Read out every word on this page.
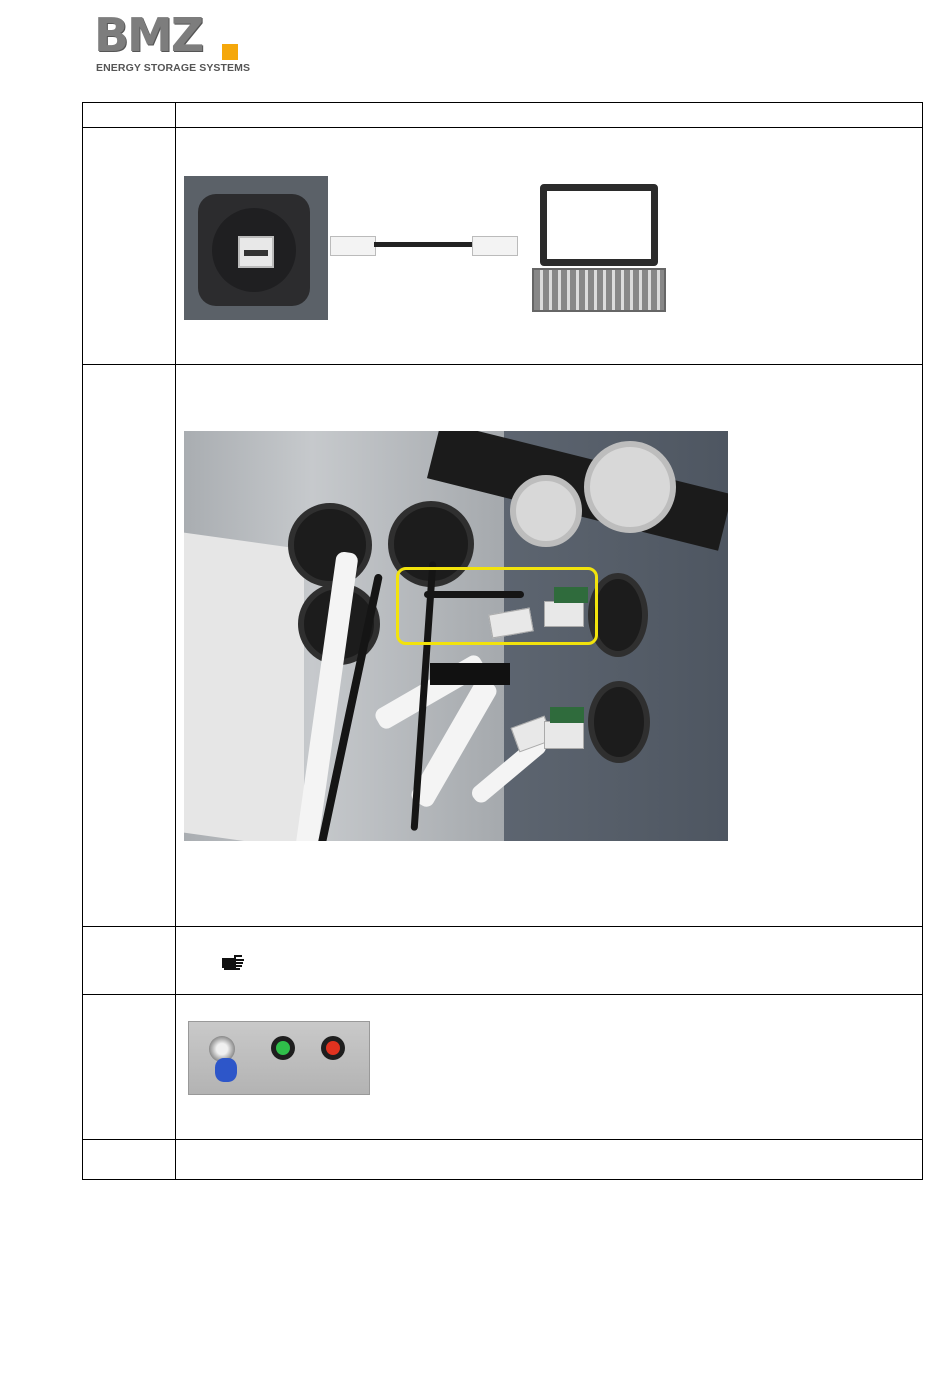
BMZ
ENERGY STORAGE SYSTEMS
